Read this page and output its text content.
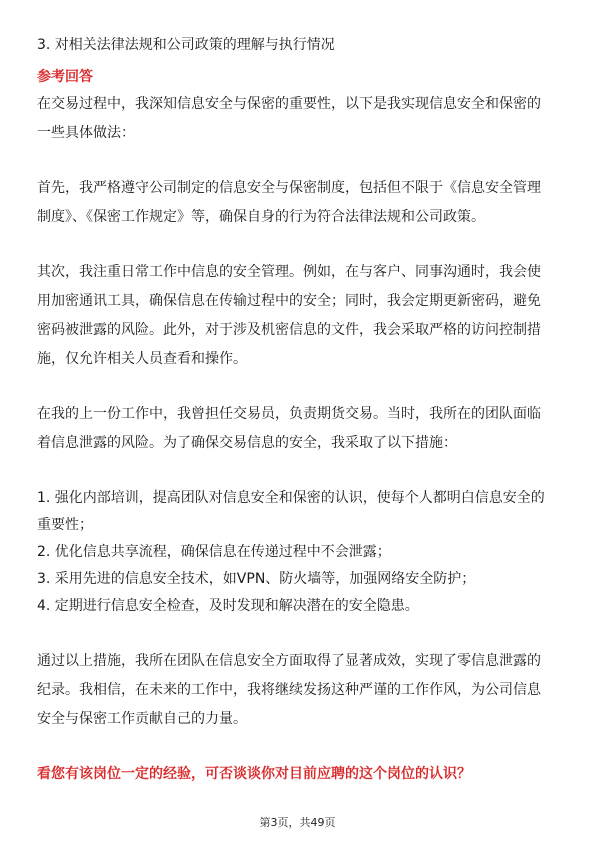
3. 对相关法律法规和公司政策的理解与执行情况
参考回答
在交易过程中，我深知信息安全与保密的重要性，以下是我实现信息安全和保密的
一些具体做法：
首先，我严格遵守公司制定的信息安全与保密制度，包括但不限于《信息安全管理
制度》、《保密工作规定》等，确保自身的行为符合法律法规和公司政策。
其次，我注重日常工作中信息的安全管理。例如，在与客户、同事沟通时，我会使
用加密通讯工具，确保信息在传输过程中的安全；同时，我会定期更新密码，避免
密码被泄露的风险。此外，对于涉及机密信息的文件，我会采取严格的访问控制措
施，仅允许相关人员查看和操作。
在我的上一份工作中，我曾担任交易员，负责期货交易。当时，我所在的团队面临
着信息泄露的风险。为了确保交易信息的安全，我采取了以下措施：
1. 强化内部培训，提高团队对信息安全和保密的认识，使每个人都明白信息安全的
重要性；
2. 优化信息共享流程，确保信息在传递过程中不会泄露；
3. 采用先进的信息安全技术，如VPN、防火墙等，加强网络安全防护；
4. 定期进行信息安全检查，及时发现和解决潜在的安全隐患。
通过以上措施，我所在团队在信息安全方面取得了显著成效，实现了零信息泄露的
纪录。我相信，在未来的工作中，我将继续发扬这种严谨的工作作风，为公司信息
安全与保密工作贡献自己的力量。
看您有该岗位一定的经验，可否谈谈你对目前应聘的这个岗位的认识？
第3页，共49页
